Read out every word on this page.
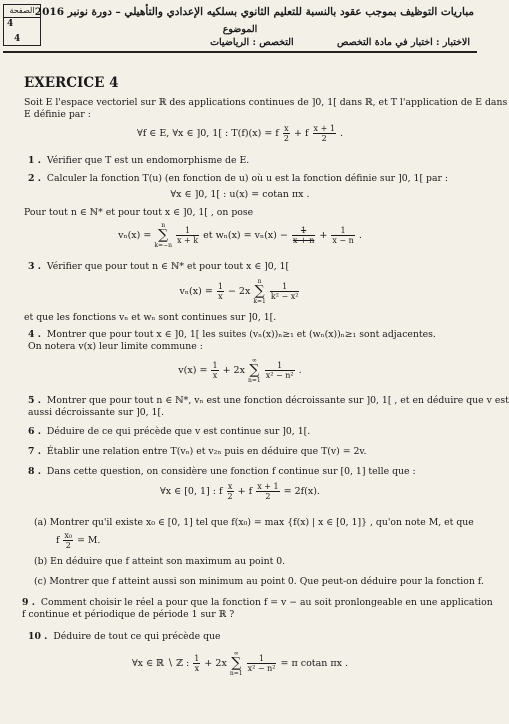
الصفحة
4
4
مباريات التوظيف بموجب عقود بالنسبة للتعليم الثانوي بسلكيه الإعدادي والتأهيلي – دورة نونبر 2016
الموضوع
الاختبار : اختبار في مادة التخصص التخصص : الرياضيات
EXERCICE 4
Soit E l'espace vectoriel sur ℝ des applications continues de ]0, 1[ dans ℝ, et T l'application de E dans
E définie par :
∀f ∈ E, ∀x ∈ ]0, 1[ : T(f)(x) = f $\frac{x}{2} + f \frac{x + 1}{2}$ .
1 . Vérifier que T est un endomorphisme de E.
2 . Calculer la fonction T(u) (en fonction de u) où u est la fonction définie sur ]0, 1[ par :
∀x ∈ ]0, 1[ : u(x) = cotan πx .
Pour tout n ∈ ℕ* et pour tout x ∈ ]0, 1[ , on pose
vₙ(x) = n
∑
k=−n
$\frac{1}{x + k}$ et $w_n(x) = v_n(x) - \frac{1}{x + n} + \frac{1}{x - n}$ .
3 . Vérifier que pour tout n ∈ ℕ* et pour tout x ∈ ]0, 1[
$v_n(x) = \frac{1}{x} - 2x$ n
∑
k=1
$\frac{1}{\text{k² − x²}}$
et que les fonctions vₙ et wₙ sont continues sur ]0, 1[.
4 . Montrer que pour tout x ∈ ]0, 1[ les suites (vₙ(x))ₙ≥₁ et (wₙ(x))ₙ≥₁ sont adjacentes.
On notera v(x) leur limite commune :
$v(x) = \frac{1}{x} + 2x$ ∞
∑
n=1
$\frac{1}{\text{x² − n²}}$ .
5 . Montrer que pour tout n ∈ ℕ*, vₙ est une fonction décroissante sur ]0, 1[ , et en déduire que v est
aussi décroissante sur ]0, 1[.
6 . Déduire de ce qui précède que v est continue sur ]0, 1[.
7 . Établir une relation entre T(vₙ) et v₂ₙ puis en déduire que T(v) = 2v.
8 . Dans cette question, on considère une fonction f continue sur [0, 1] telle que :
∀x ∈ [0, 1] : f $\frac{x}{2} + f \frac{x + 1}{2} = 2f(x)$.
(a) Montrer qu'il existe x₀ ∈ [0, 1] tel que f(x₀) = max {f(x) | x ∈ [0, 1]} , qu'on note M, et que
f $\frac{\text{x₀}}{2} = M$.
(b) En déduire que f atteint son maximum au point 0.
(c) Montrer que f atteint aussi son minimum au point 0. Que peut-on déduire pour la fonction f.
9 . Comment choisir le réel a pour que la fonction f = v − au soit pronlongeable en une application
f continue et périodique de période 1 sur ℝ ?
10 . Déduire de tout ce qui précède que
∀x ∈ ℝ ∖ ℤ : $\frac{1}{x} + 2x$ ∞
∑
n=1
$\frac{1}{\text{x² − n²}} = \pi$ cotan πx .
